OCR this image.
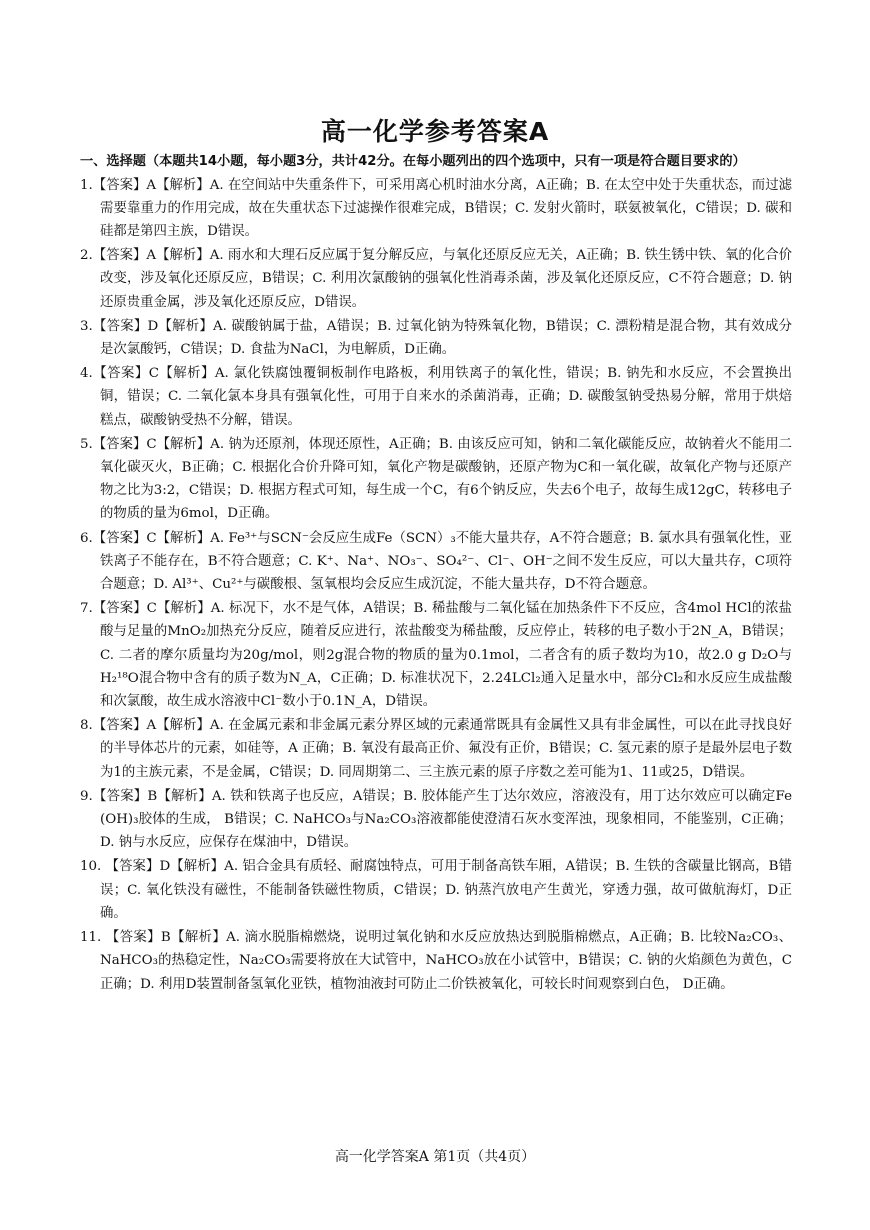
高一化学参考答案A
一、选择题（本题共14小题，每小题3分，共计42分。在每小题列出的四个选项中，只有一项是符合题目要求的）
1.【答案】A【解析】A. 在空间站中失重条件下，可采用离心机时油水分离，A正确；B. 在太空中处于失重状态，而过滤需要靠重力的作用完成，故在失重状态下过滤操作很难完成，B错误；C. 发射火箭时，联氨被氧化，C错误；D. 碳和硅都是第四主族，D错误。
2.【答案】A【解析】A. 雨水和大理石反应属于复分解反应，与氧化还原反应无关，A正确；B. 铁生锈中铁、氧的化合价改变，涉及氧化还原反应，B错误；C. 利用次氯酸钠的强氧化性消毒杀菌，涉及氧化还原反应，C不符合题意；D. 钠还原贵重金属，涉及氧化还原反应，D错误。
3.【答案】D【解析】A. 碳酸钠属于盐，A错误；B. 过氧化钠为特殊氧化物，B错误；C. 漂粉精是混合物，其有效成分是次氯酸钙，C错误；D. 食盐为NaCl，为电解质，D正确。
4.【答案】C【解析】A. 氯化铁腐蚀覆铜板制作电路板，利用铁离子的氧化性，错误；B. 钠先和水反应，不会置换出铜，错误；C. 二氧化氯本身具有强氧化性，可用于自来水的杀菌消毒，正确；D. 碳酸氢钠受热易分解，常用于烘焙糕点，碳酸钠受热不分解，错误。
5.【答案】C【解析】A. 钠为还原剂，体现还原性，A正确；B. 由该反应可知，钠和二氧化碳能反应，故钠着火不能用二氧化碳灭火，B正确；C. 根据化合价升降可知，氧化产物是碳酸钠，还原产物为C和一氧化碳，故氧化产物与还原产物之比为3:2，C错误；D. 根据方程式可知，每生成一个C，有6个钠反应，失去6个电子，故每生成12gC，转移电子的物质的量为6mol，D正确。
6.【答案】C【解析】A. Fe³⁺与SCN⁻会反应生成Fe（SCN）₃不能大量共存，A不符合题意；B. 氯水具有强氧化性，亚铁离子不能存在，B不符合题意；C. K⁺、Na⁺、NO₃⁻、SO₄²⁻、Cl⁻、OH⁻之间不发生反应，可以大量共存，C项符合题意；D. Al³⁺、Cu²⁺与碳酸根、氢氧根均会反应生成沉淀，不能大量共存，D不符合题意。
7.【答案】C【解析】A. 标况下，水不是气体，A错误；B. 稀盐酸与二氧化锰在加热条件下不反应，含4mol HCl的浓盐酸与足量的MnO₂加热充分反应，随着反应进行，浓盐酸变为稀盐酸，反应停止，转移的电子数小于2N_A，B错误；C. 二者的摩尔质量均为20g/mol，则2g混合物的物质的量为0.1mol，二者含有的质子数均为10，故2.0 g D₂O与H₂¹⁸O混合物中含有的质子数为N_A，C正确；D. 标准状况下，2.24LCl₂通入足量水中，部分Cl₂和水反应生成盐酸和次氯酸，故生成水溶液中Cl⁻数小于0.1N_A，D错误。
8.【答案】A【解析】A. 在金属元素和非金属元素分界区域的元素通常既具有金属性又具有非金属性，可以在此寻找良好的半导体芯片的元素，如硅等，A 正确；B. 氧没有最高正价、氟没有正价，B错误；C. 氢元素的原子是最外层电子数为1的主族元素，不是金属，C错误；D. 同周期第二、三主族元素的原子序数之差可能为1、11或25，D错误。
9.【答案】B【解析】A. 铁和铁离子也反应，A错误；B. 胶体能产生丁达尔效应，溶液没有，用丁达尔效应可以确定Fe (OH)₃胶体的生成， B错误；C. NaHCO₃与Na₂CO₃溶液都能使澄清石灰水变浑浊，现象相同，不能鉴别，C正确；D. 钠与水反应，应保存在煤油中，D错误。
10. 【答案】D【解析】A. 铝合金具有质轻、耐腐蚀特点，可用于制备高铁车厢，A错误；B. 生铁的含碳量比钢高，B错误；C. 氧化铁没有磁性，不能制备铁磁性物质，C错误；D. 钠蒸汽放电产生黄光，穿透力强，故可做航海灯，D正确。
11. 【答案】B【解析】A. 滴水脱脂棉燃烧，说明过氧化钠和水反应放热达到脱脂棉燃点，A正确；B. 比较Na₂CO₃、NaHCO₃的热稳定性，Na₂CO₃需要将放在大试管中，NaHCO₃放在小试管中，B错误；C. 钠的火焰颜色为黄色，C正确；D. 利用D装置制备氢氧化亚铁，植物油液封可防止二价铁被氧化，可较长时间观察到白色， D正确。
高一化学答案A 第1页（共4页）
